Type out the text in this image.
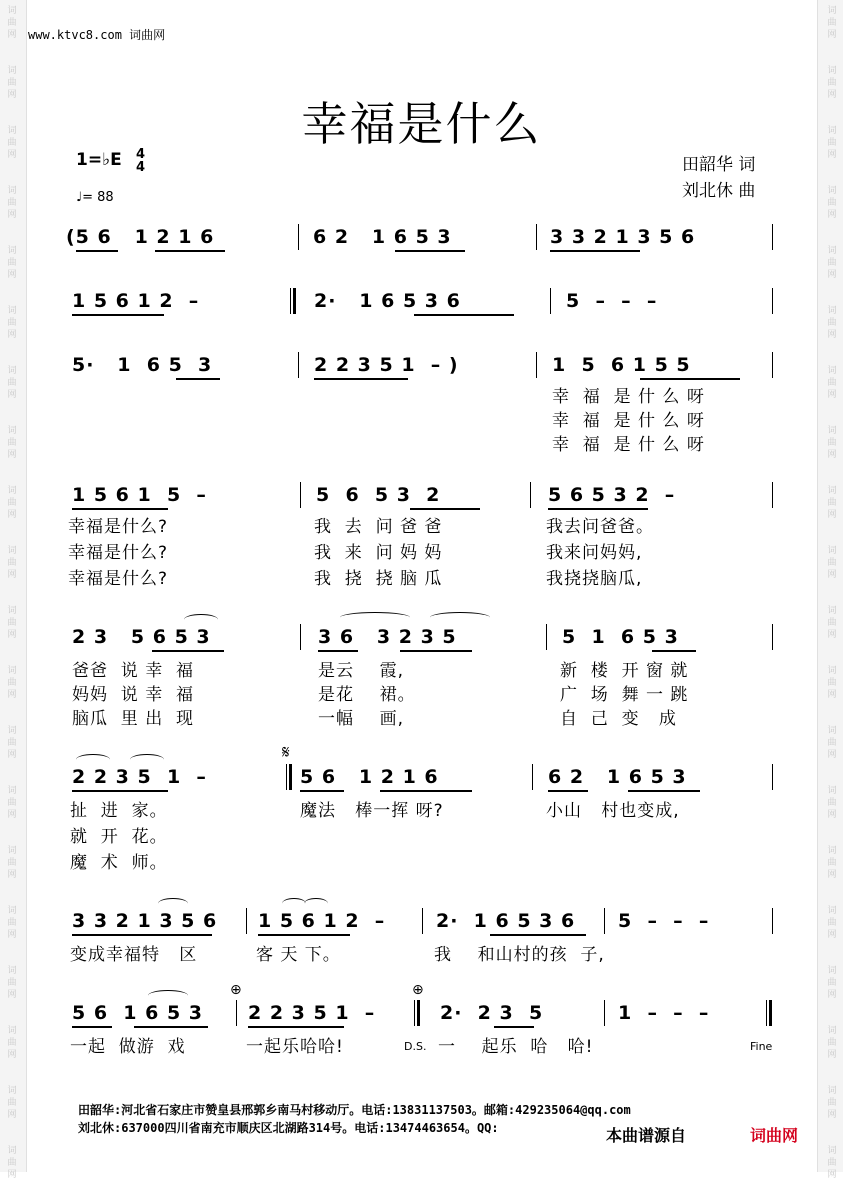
词
曲
网
词
曲
网
词
曲
网
词
曲
网
词
曲
网
词
曲
网
词
曲
网
词
曲
网
词
曲
网
词
曲
网
词
曲
网
词
曲
网
词
曲
网
词
曲
网
词
曲
网
词
曲
网
词
曲
网
词
曲
网
词
曲
网
词
曲
网
词
曲
网
词
曲
网
词
曲
网
词
曲
网
词
曲
网
词
曲
网
词
曲
网
词
曲
网
词
曲
网
词
曲
网
词
曲
网
词
曲
网
词
曲
网
词
曲
网
词
曲
网
词
曲
网
词
曲
网
词
曲
网
词
曲
网
词
曲
网
www.ktvc8.com 词曲网
幸福是什么
1=♭E 4
4
♩= 88
田韶华 词
刘北休 曲
(5 6   1 2 1 6	6 2   1 6 5 3	3 3 2 1 3 5 6
1 5 6 1 2  –	2·   1 6 5 3 6	5  –  –  –
5·   1  6 5  3	2 2 3 5 1  – )	1  5  6 1 5 5
幸  福  是 什 么 呀
幸  福  是 什 么 呀
幸  福  是 什 么 呀
1 5 6 1  5  –	5  6  5 3  2	5 6 5 3 2  –
幸福是什么?
幸福是什么?
幸福是什么?
我  去  问 爸 爸
我  来  问 妈 妈
我  挠  挠 脑 瓜
我去问爸爸。
我来问妈妈,
我挠挠脑瓜,
2 3   5 6 5 3	3 6   3 2 3 5	5  1  6 5 3
爸爸  说 幸  福
妈妈  说 幸  福
脑瓜  里 出  现
是云    霞,
是花    裙。
一幅    画,
新  楼  开 窗 就
广  场  舞 一 跳
自  己  变   成
𝄋
2 2 3 5  1  –	5 6   1 2 1 6	6 2   1 6 5 3
扯  进  家。
就  开  花。
魔  术  师。
魔法   棒一挥 呀?	小山   村也变成,
3 3 2 1 3 5 6 1 5 6 1 2  –	2·  1 6 5 3 6 5  –  –  –
变成幸福特   区	客 天 下。	我    和山村的孩  子,
⊕	⊕
5 6  1 6 5 3 2 2 3 5 1  –	2·  2 3  5	1  –  –  –
一起  做游  戏	一起乐哈哈!	D.S. 一    起乐  哈   哈!	Fine
田韶华:河北省石家庄市赞皇县邢郭乡南马村移动厅。电话:13831137503。邮箱:429235064@qq.com
刘北休:637000四川省南充市顺庆区北湖路314号。电话:13474463654。QQ:	本曲谱源自	词曲网
